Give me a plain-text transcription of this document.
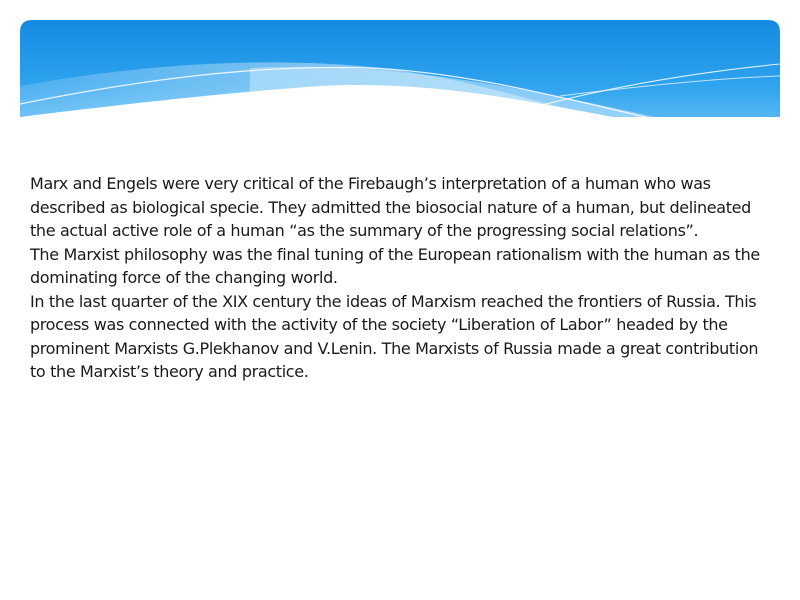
Marx and Engels were very critical of the Firebaugh’s interpretation of a human who was described as biological specie. They admitted the biosocial nature of a human, but delineated the actual active role of a human “as the summary of the progressing social relations”.

The Marxist philosophy was the final tuning of the European rationalism with the human as the dominating force of the changing world.

In the last quarter of the XIX century the ideas of Marxism reached the frontiers of Russia. This process was connected with the activity of the society “Liberation of Labor” headed by the prominent Marxists G.Plekhanov and V.Lenin. The Marxists of Russia made a great contribution to the Marxist’s theory and practice.
